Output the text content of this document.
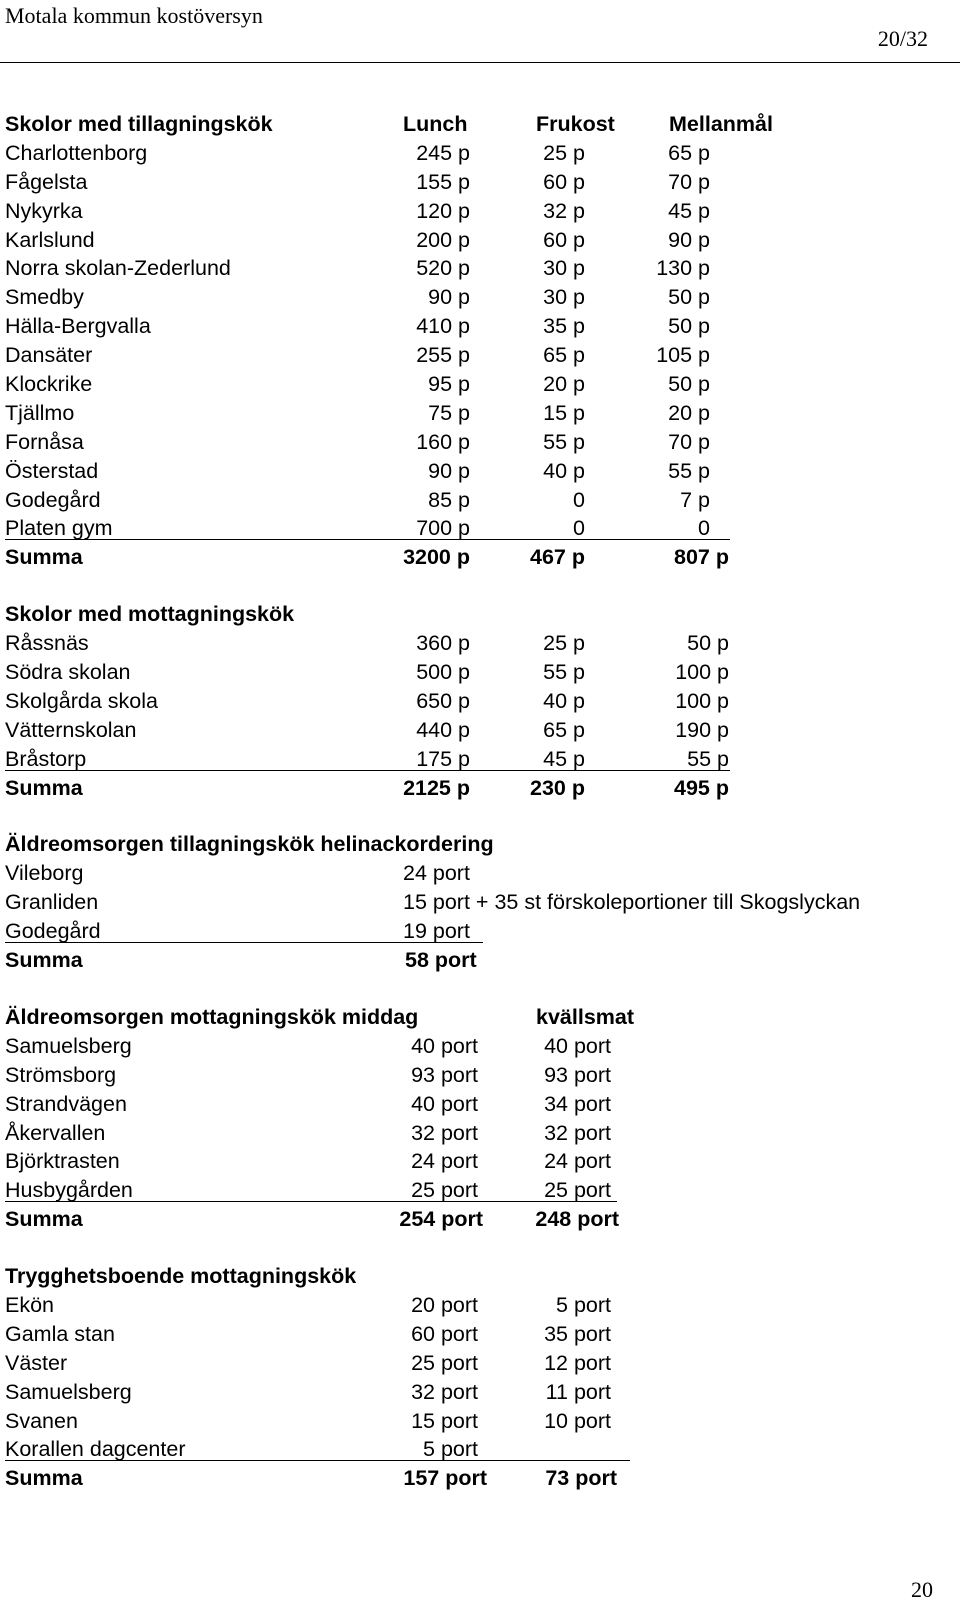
Motala kommun kostöversyn
20/32
Skolor med tillagningskök	Lunch	Frukost	Mellanmål
Charlottenborg	245 p	25 p	65 p
Fågelsta	155 p	60 p	70 p
Nykyrka	120 p	32 p	45 p
Karlslund	200 p	60 p	90 p
Norra skolan-Zederlund	520 p	30 p	130 p
Smedby	90 p	30 p	50 p
Hälla-Bergvalla	410 p	35 p	50 p
Dansäter	255 p	65 p	105 p
Klockrike	95 p	20 p	50 p
Tjällmo	75 p	15 p	20 p
Fornåsa	160 p	55 p	70 p
Österstad	90 p	40 p	55 p
Godegård	85 p	0	7 p
Platen gym	700 p	0	0
Summa	3200 p	467 p	807 p
Skolor med mottagningskök
Råssnäs	360 p	25 p	50 p
Södra skolan	500 p	55 p	100 p
Skolgårda skola	650 p	40 p	100 p
Vätternskolan	440 p	65 p	190 p
Bråstorp	175 p	45 p	55 p
Summa	2125 p	230 p	495 p
Äldreomsorgen tillagningskök helinackordering
Vileborg	24 port
Granliden	15 port + 35 st förskoleportioner till Skogslyckan
Godegård	19 port
Summa	58 port
Äldreomsorgen mottagningskök middag	kvällsmat
Samuelsberg	40 port	40 port
Strömsborg	93 port	93 port
Strandvägen	40 port	34 port
Åkervallen	32 port	32 port
Björktrasten	24 port	24 port
Husbygården	25 port	25 port
Summa	254 port 248 port
Trygghetsboende mottagningskök
Ekön	20 port	5 port
Gamla stan	60 port	35 port
Väster	25 port	12 port
Samuelsberg	32 port	11 port
Svanen	15 port	10 port
Korallen dagcenter	5 port
Summa	157 port	73 port
20
